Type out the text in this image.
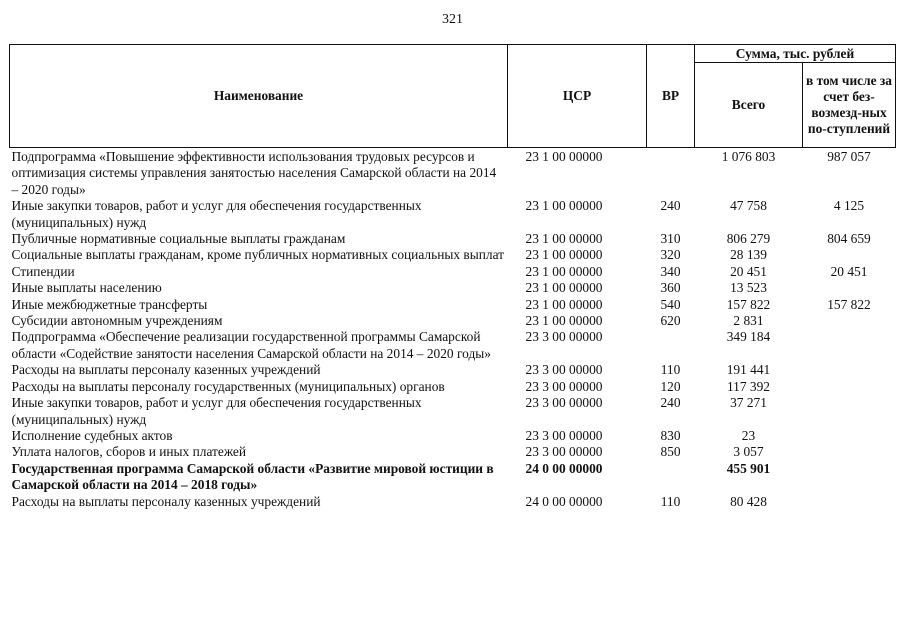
321
Наименование	ЦСР	ВР	Сумма, тыс. рублей	
			Всего	в том числе за счет без-возмезд-ных по-ступлений
Подпрограмма «Повышение эффективности использования трудовых ресурсов и оптимизация системы управления занятостью населения Самарской области на 2014 – 2020 годы»	23 1 00 00000		1 076 803	987 057
Иные закупки товаров, работ и услуг для обеспечения государственных (муниципальных) нужд	23 1 00 00000	240	47 758	4 125
Публичные нормативные социальные выплаты гражданам	23 1 00 00000	310	806 279	804 659
Социальные выплаты гражданам, кроме публичных нормативных социальных выплат	23 1 00 00000	320	28 139	
Стипендии	23 1 00 00000	340	20 451	20 451
Иные выплаты населению	23 1 00 00000	360	13 523	
Иные межбюджетные трансферты	23 1 00 00000	540	157 822	157 822
Субсидии автономным учреждениям	23 1 00 00000	620	2 831	
Подпрограмма «Обеспечение реализации государственной программы Самарской области «Содействие занятости населения Самарской области на 2014 – 2020 годы»	23 3 00 00000		349 184	
Расходы на выплаты персоналу казенных учреждений	23 3 00 00000	110	191 441	
Расходы на выплаты персоналу государственных (муниципальных) органов	23 3 00 00000	120	117 392	
Иные закупки товаров, работ и услуг для обеспечения государственных (муниципальных) нужд	23 3 00 00000	240	37 271	
Исполнение судебных актов	23 3 00 00000	830	23	
Уплата налогов, сборов и иных платежей	23 3 00 00000	850	3 057	
Государственная программа Самарской области «Развитие мировой юстиции в Самарской области на 2014 – 2018 годы»	24 0 00 00000		455 901	
Расходы на выплаты персоналу казенных учреждений	24 0 00 00000	110	80 428	
